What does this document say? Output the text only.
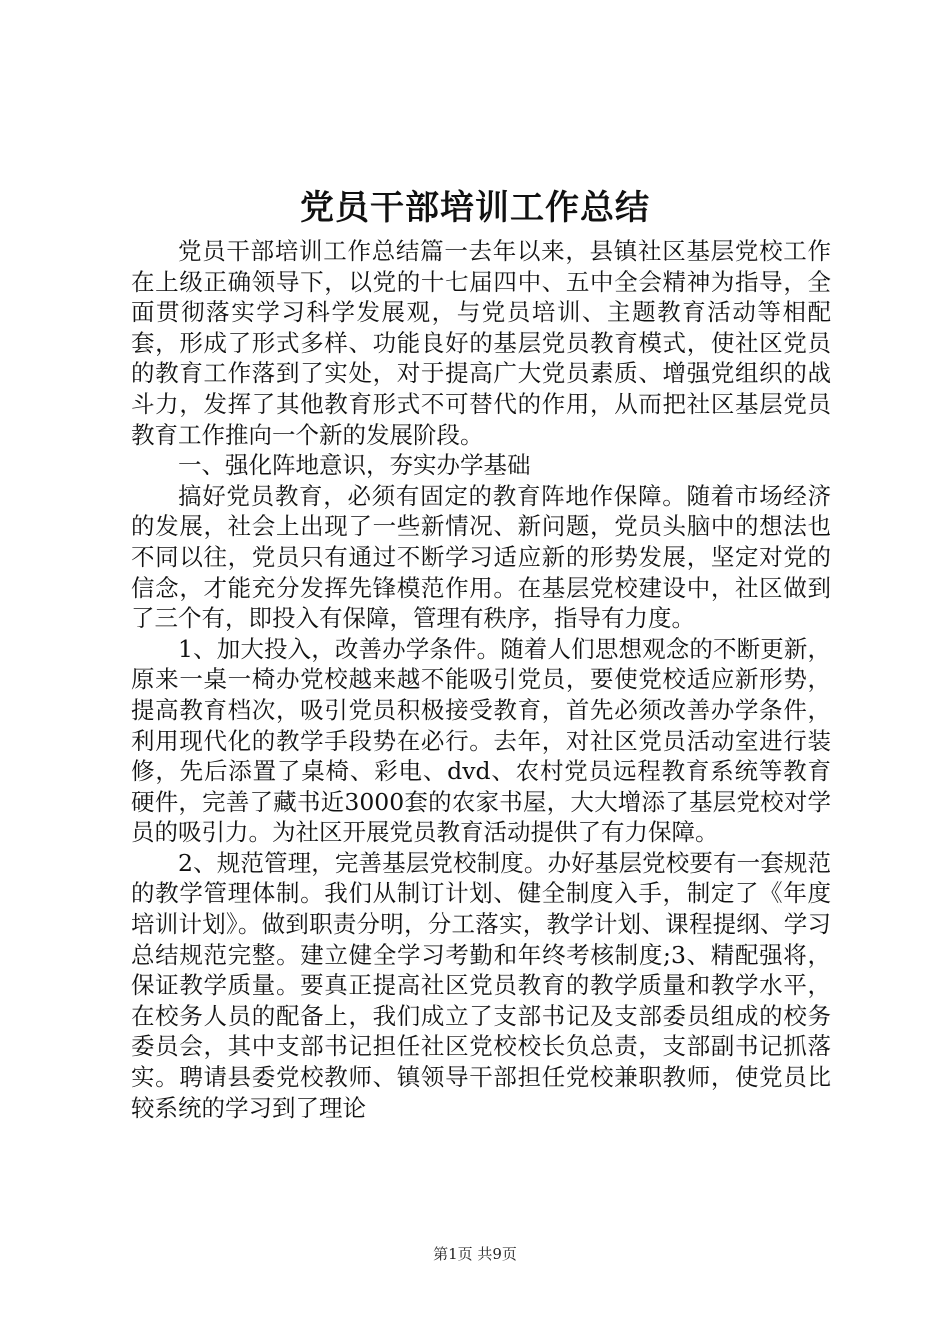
党员干部培训工作总结

党员干部培训工作总结篇一去年以来，县镇社区基层党校工作在上级正确领导下，以党的十七届四中、五中全会精神为指导，全面贯彻落实学习科学发展观，与党员培训、主题教育活动等相配套，形成了形式多样、功能良好的基层党员教育模式，使社区党员的教育工作落到了实处，对于提高广大党员素质、增强党组织的战斗力，发挥了其他教育形式不可替代的作用，从而把社区基层党员教育工作推向一个新的发展阶段。

一、强化阵地意识，夯实办学基础

搞好党员教育，必须有固定的教育阵地作保障。随着市场经济的发展，社会上出现了一些新情况、新问题，党员头脑中的想法也不同以往，党员只有通过不断学习适应新的形势发展，坚定对党的信念，才能充分发挥先锋模范作用。在基层党校建设中，社区做到了三个有，即投入有保障，管理有秩序，指导有力度。

1、加大投入，改善办学条件。随着人们思想观念的不断更新，原来一桌一椅办党校越来越不能吸引党员，要使党校适应新形势，提高教育档次，吸引党员积极接受教育，首先必须改善办学条件，利用现代化的教学手段势在必行。去年，对社区党员活动室进行装修，先后添置了桌椅、彩电、dvd、农村党员远程教育系统等教育硬件，完善了藏书近3000套的农家书屋，大大增添了基层党校对学员的吸引力。为社区开展党员教育活动提供了有力保障。

2、规范管理，完善基层党校制度。办好基层党校要有一套规范的教学管理体制。我们从制订计划、健全制度入手，制定了《年度培训计划》。做到职责分明，分工落实，教学计划、课程提纲、学习总结规范完整。建立健全学习考勤和年终考核制度;3、精配强将，保证教学质量。要真正提高社区党员教育的教学质量和教学水平，在校务人员的配备上，我们成立了支部书记及支部委员组成的校务委员会，其中支部书记担任社区党校校长负总责，支部副书记抓落实。聘请县委党校教师、镇领导干部担任党校兼职教师，使党员比较系统的学习到了理论

第1页 共9页
